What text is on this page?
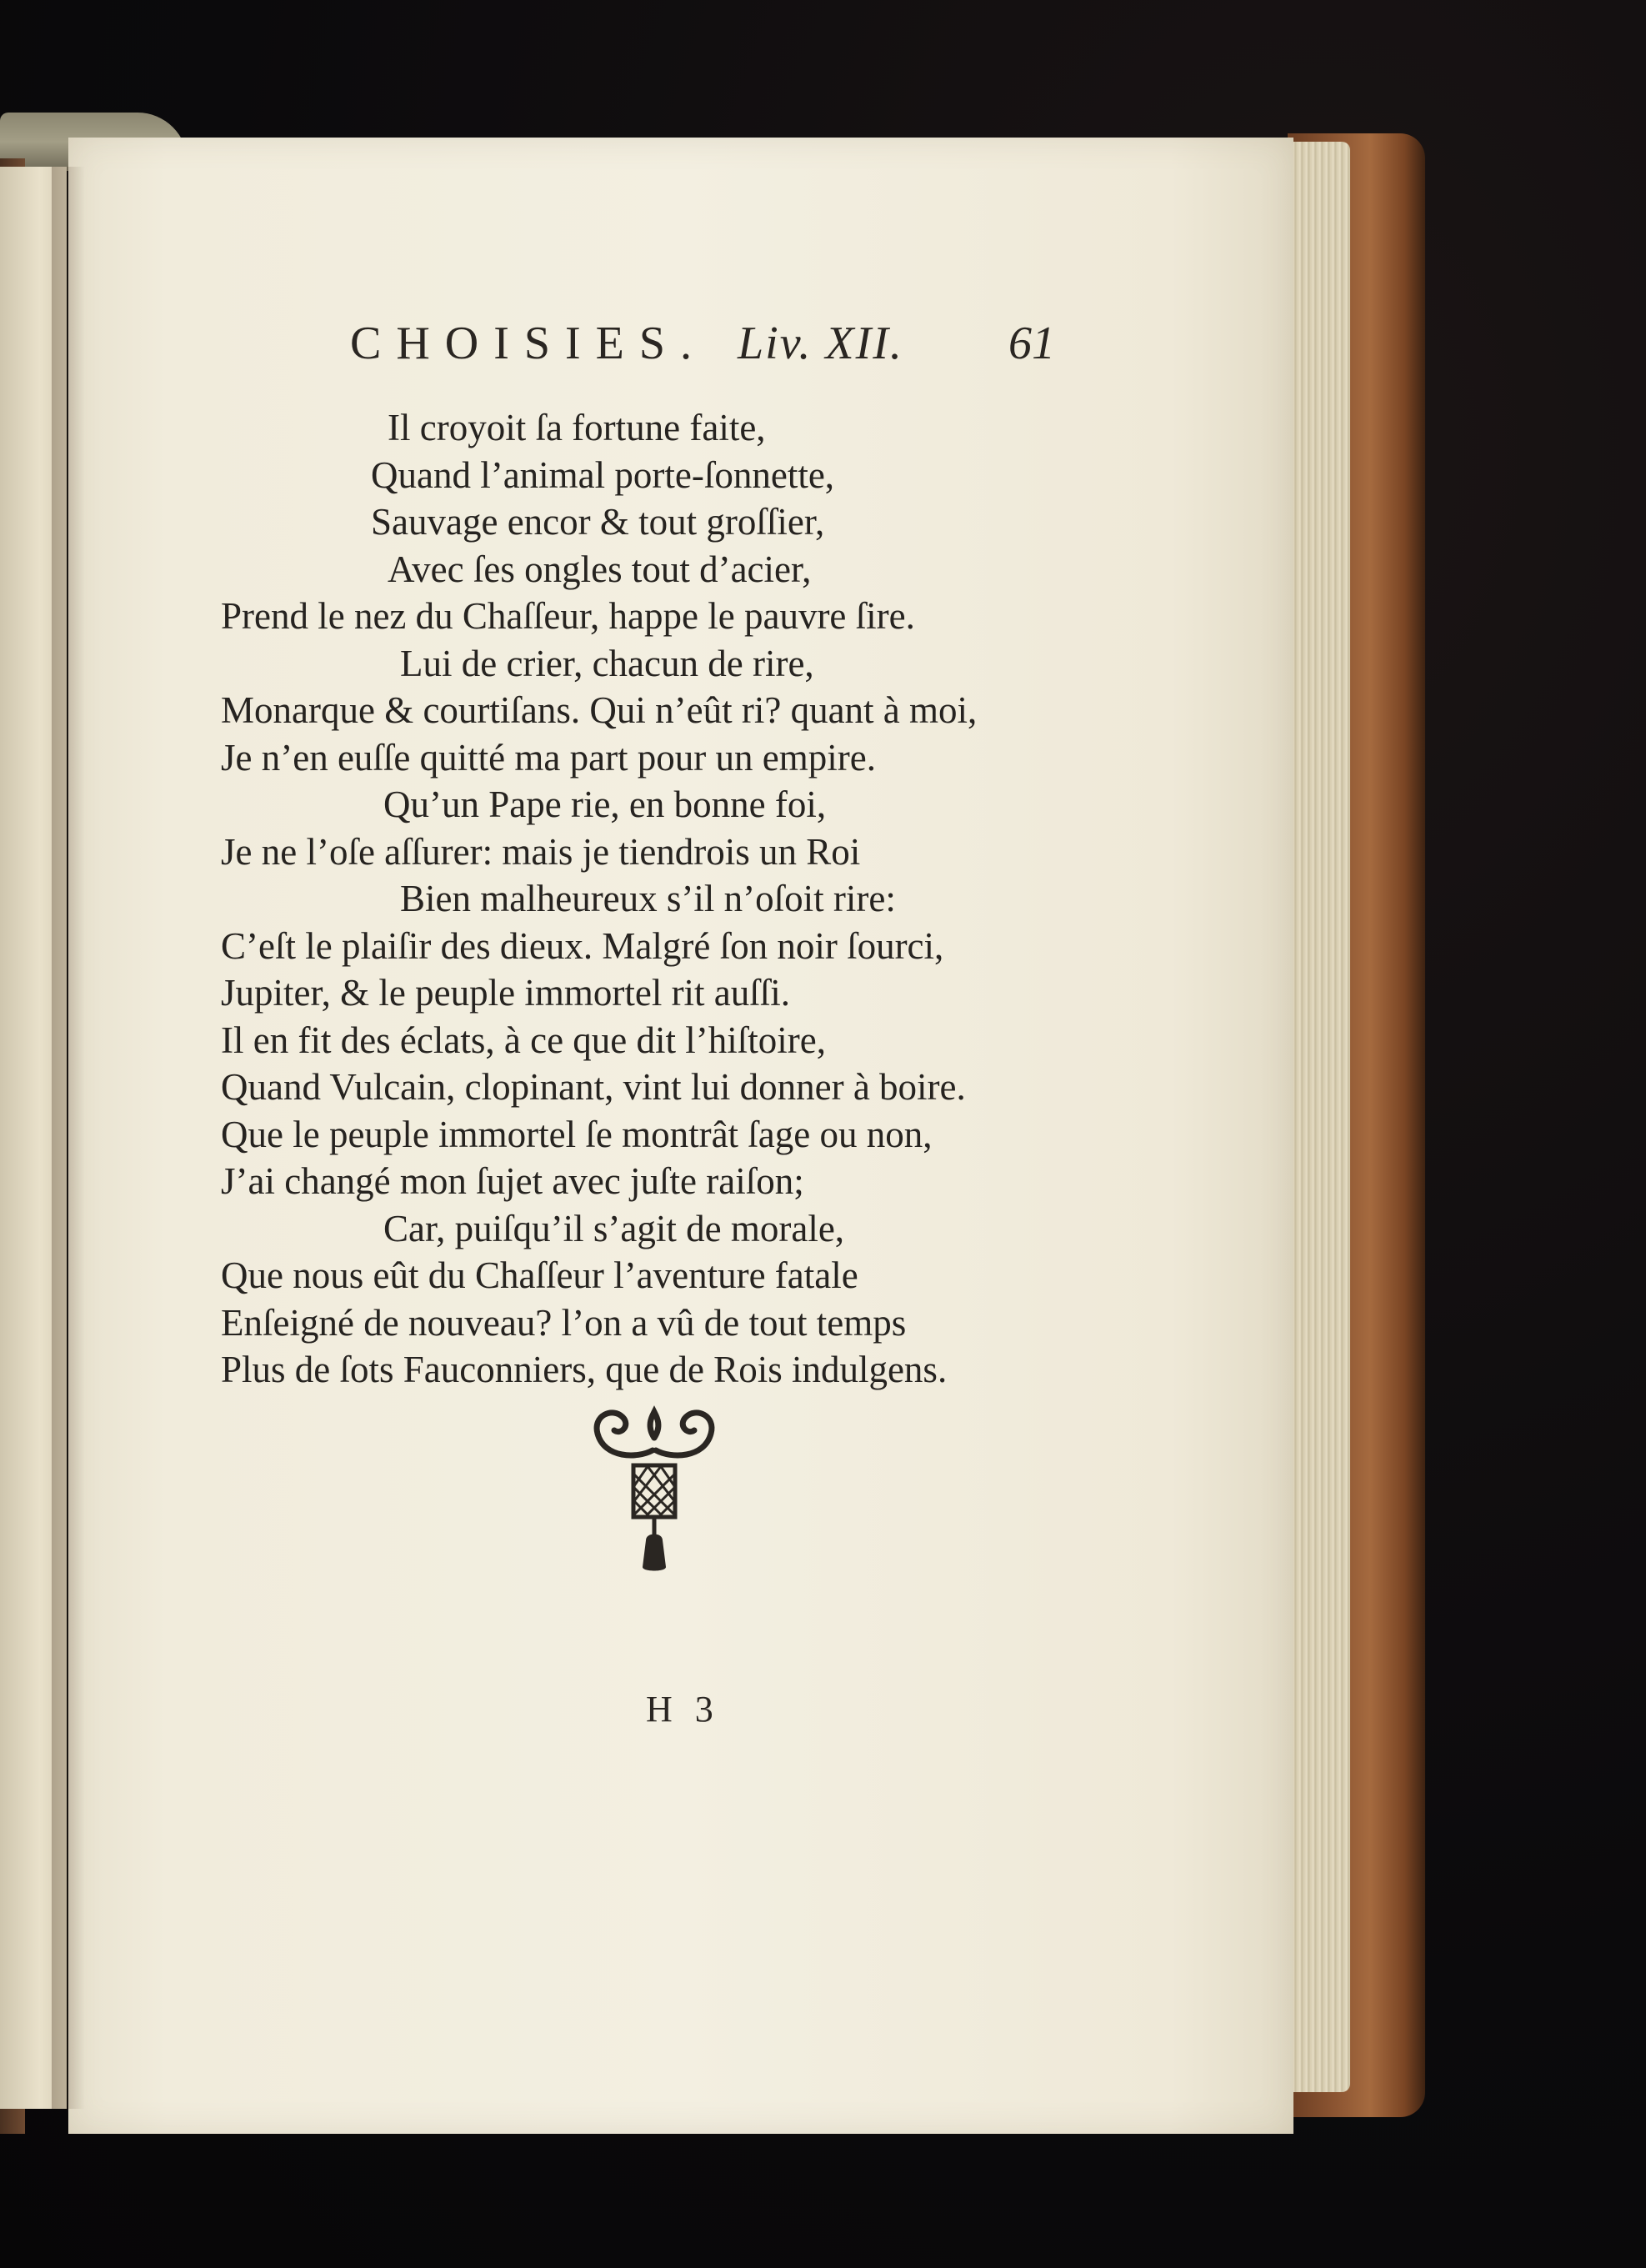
CHOISIES. Liv. XII. 61
Il croyoit ſa fortune faite,
Quand l’animal porte-ſonnette,
Sauvage encor & tout groſſier,
Avec ſes ongles tout d’acier,
Prend le nez du Chaſſeur, happe le pauvre ſire.
Lui de crier, chacun de rire,
Monarque & courtiſans. Qui n’eût ri? quant à moi,
Je n’en euſſe quitté ma part pour un empire.
Qu’un Pape rie, en bonne foi,
Je ne l’oſe aſſurer: mais je tiendrois un Roi
Bien malheureux s’il n’oſoit rire:
C’eſt le plaiſir des dieux. Malgré ſon noir ſourci,
Jupiter, & le peuple immortel rit auſſi.
Il en fit des éclats, à ce que dit l’hiſtoire,
Quand Vulcain, clopinant, vint lui donner à boire.
Que le peuple immortel ſe montrât ſage ou non,
J’ai changé mon ſujet avec juſte raiſon;
Car, puiſqu’il s’agit de morale,
Que nous eût du Chaſſeur l’aventure fatale
Enſeigné de nouveau? l’on a vû de tout temps
Plus de ſots Fauconniers, que de Rois indulgens.
H 3
